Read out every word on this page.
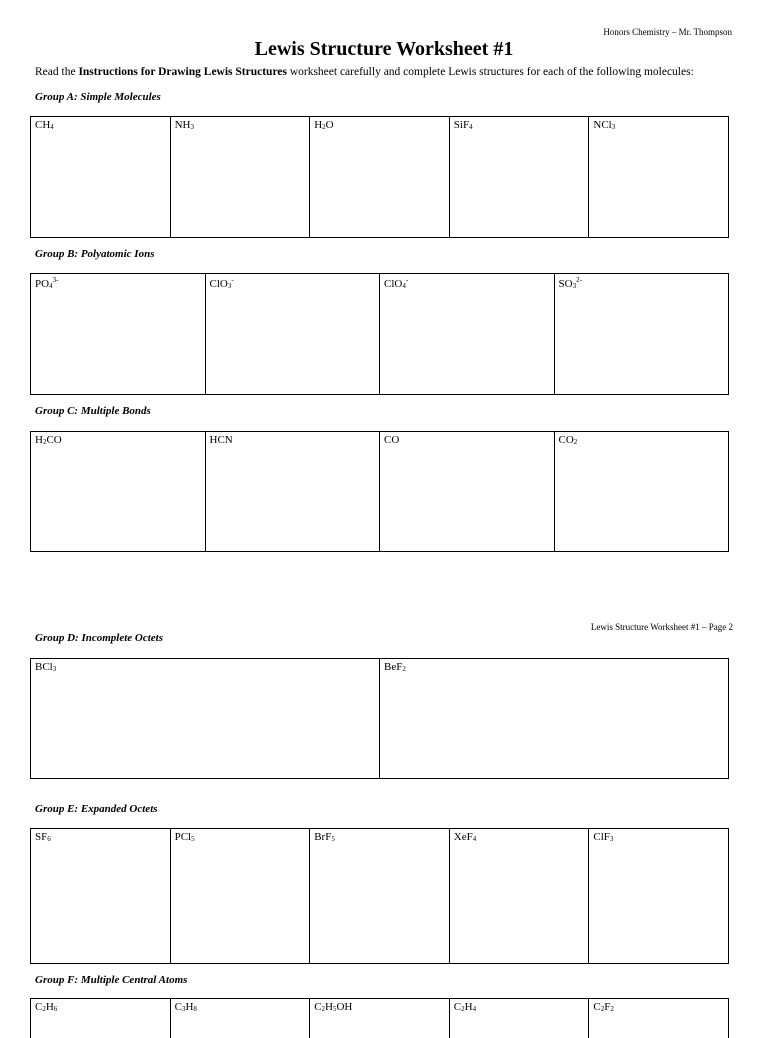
Honors Chemistry – Mr. Thompson
Lewis Structure Worksheet #1
Read the Instructions for Drawing Lewis Structures worksheet carefully and complete Lewis structures for each of the following molecules:
Group A: Simple Molecules
$CH_4$	$NH_3$	$H_2O$	SiF$_4$	NCl$_3$
Group B: Polyatomic Ions
$PO_4^{3-}$	ClO$_3$-	ClO$_4$-	$SO_3^{2-}$
Group C: Multiple Bonds
$H_2CO$	HCN	CO	$CO_2$
Lewis Structure Worksheet #1 – Page 2
Group D: Incomplete Octets
BCl$_3$	BeF$_2$
Group E: Expanded Octets
$SF_6$	PCl$_5$	BrF$_5$	XeF$_4$	ClF$_3$
Group F: Multiple Central Atoms
$C_2H_6$	$C_3H_8$	$C_2H_5OH$	$C_2H_4$	$C_2F_2$
